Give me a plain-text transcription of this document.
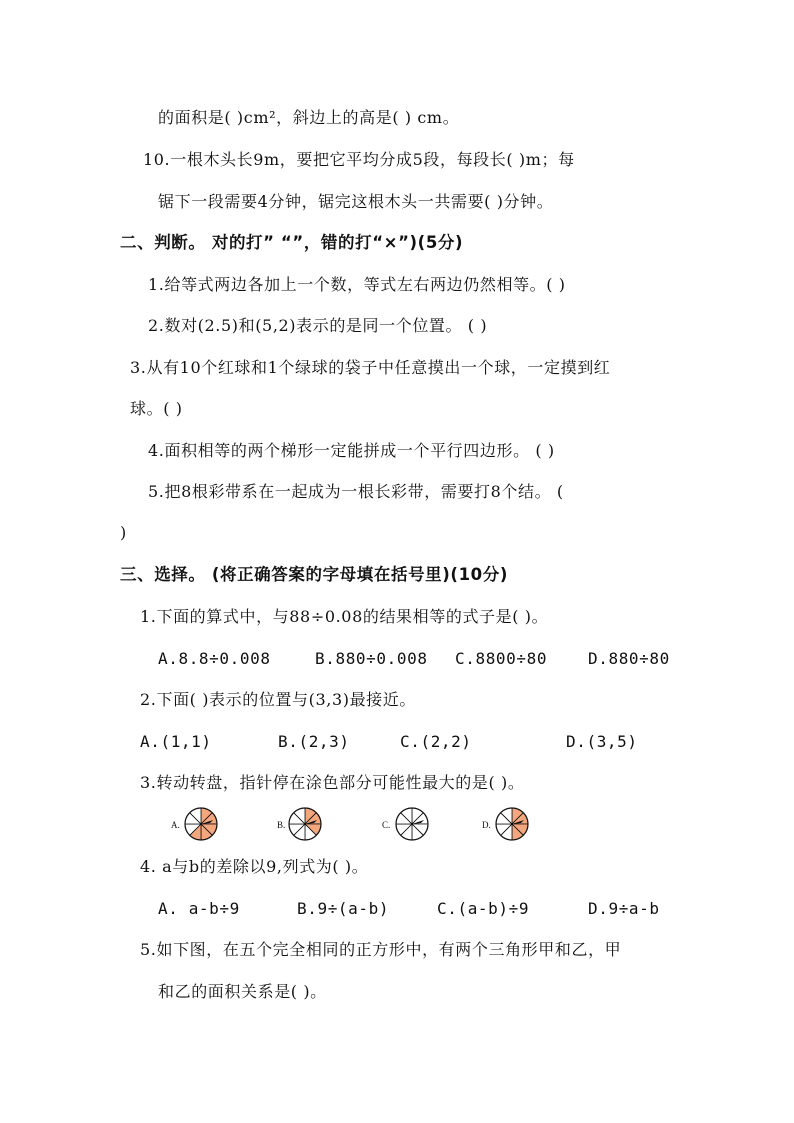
的面积是( )cm²，斜边上的高是( ) cm。
10.一根木头长9m，要把它平均分成5段，每段长( )m；每
锯下一段需要4分钟，锯完这根木头一共需要( )分钟。
二、判断。 对的打” “”，错的打“×”)(5分)
1.给等式两边各加上一个数，等式左右两边仍然相等。( )
2.数对(2.5)和(5,2)表示的是同一个位置。 ( )
3.从有10个红球和1个绿球的袋子中任意摸出一个球，一定摸到红
球。( )
4.面积相等的两个梯形一定能拼成一个平行四边形。 ( )
5.把8根彩带系在一起成为一根长彩带，需要打8个结。 (
)
三、选择。 (将正确答案的字母填在括号里)(10分)
1.下面的算式中，与88÷0.08的结果相等的式子是( )。
A.8.8÷0.008	B.880÷0.008 C.8800÷80	D.880÷80
2.下面( )表示的位置与(3,3)最接近。
A.(1,1)	B.(2,3)	C.(2,2)	D.(3,5)
3.转动转盘，指针停在涂色部分可能性最大的是( )。
A.	B.	C.	D.
4. a与b的差除以9,列式为( )。
A. a-b÷9	B.9÷(a-b)	C.(a-b)÷9	D.9÷a-b
5.如下图，在五个完全相同的正方形中，有两个三角形甲和乙，甲
和乙的面积关系是( )。
